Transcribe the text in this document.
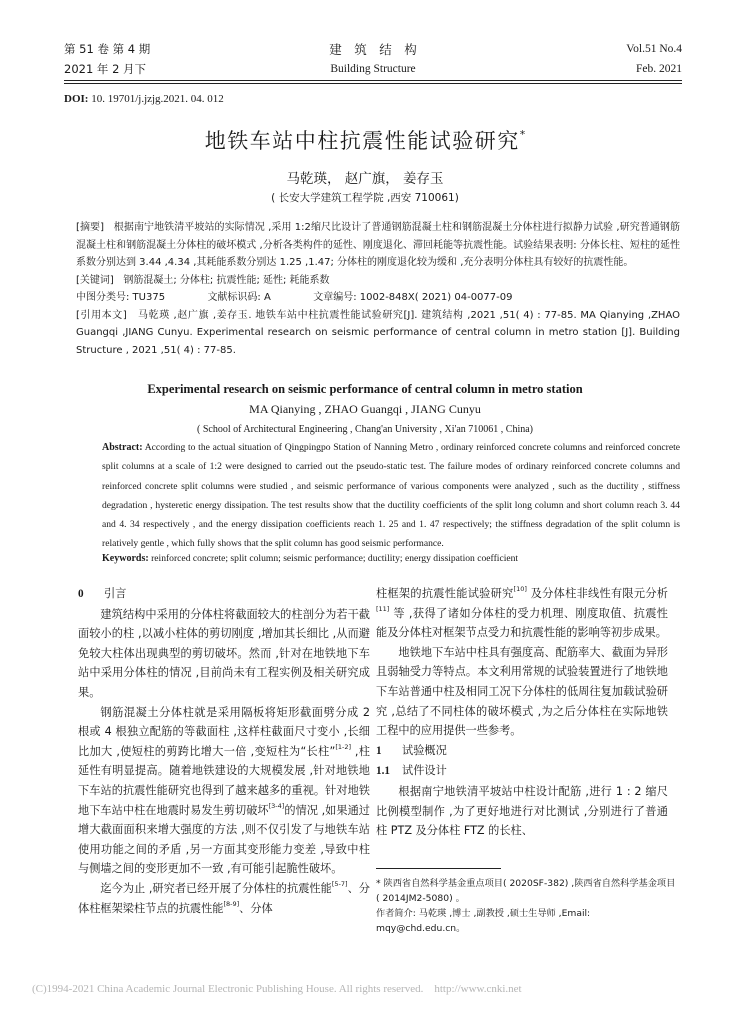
第 51 卷 第 4 期	建　筑　结　构	Vol.51 No.4
2021 年 2 月下	Building Structure	Feb. 2021
DOI: 10. 19701/j.jzjg.2021. 04. 012
地铁车站中柱抗震性能试验研究*
马乾瑛， 赵广旗， 姜存玉
( 长安大学建筑工程学院 ,西安 710061)

[摘要] 根据南宁地铁清平坡站的实际情况 ,采用 1:2缩尺比设计了普通钢筋混凝土柱和钢筋混凝土分体柱进行拟静力试验 ,研究普通钢筋混凝土柱和钢筋混凝土分体柱的破坏模式 ,分析各类构件的延性、刚度退化、滞回耗能等抗震性能。试验结果表明: 分体长柱、短柱的延性系数分别达到 3.44 ,4.34 ,其耗能系数分别达 1.25 ,1.47; 分体柱的刚度退化较为缓和 ,充分表明分体柱具有较好的抗震性能。

[关键词] 钢筋混凝土; 分体柱; 抗震性能; 延性; 耗能系数

中图分类号: TU375	文献标识码: A	文章编号: 1002-848X( 2021) 04-0077-09

[引用本文] 马乾瑛 ,赵广旗 ,姜存玉. 地铁车站中柱抗震性能试验研究[J]. 建筑结构 ,2021 ,51( 4) : 77-85. MA Qianying ,ZHAO Guangqi ,JIANG Cunyu. Experimental research on seismic performance of central column in metro station [J]. Building Structure , 2021 ,51( 4) : 77-85.

Experimental research on seismic performance of central column in metro station
MA Qianying , ZHAO Guangqi , JIANG Cunyu
( School of Architectural Engineering , Chang'an University , Xi'an 710061 , China)
Abstract: According to the actual situation of Qingpingpo Station of Nanning Metro , ordinary reinforced concrete columns and reinforced concrete split columns at a scale of 1:2 were designed to carried out the pseudo-static test. The failure modes of ordinary reinforced concrete columns and reinforced concrete split columns were studied , and seismic performance of various components were analyzed , such as the ductility , stiffness degradation , hysteretic energy dissipation. The test results show that the ductility coefficients of the split long column and short column reach 3. 44 and 4. 34 respectively , and the energy dissipation coefficients reach 1. 25 and 1. 47 respectively; the stiffness degradation of the split column is relatively gentle , which fully shows that the split column has good seismic performance.
Keywords: reinforced concrete; split column; seismic performance; ductility; energy dissipation coefficient

0 引言

建筑结构中采用的分体柱将截面较大的柱剖分为若干截面较小的柱 ,以减小柱体的剪切刚度 ,增加其长细比 ,从而避免较大柱体出现典型的剪切破坏。然而 ,针对在地铁地下车站中采用分体柱的情况 ,目前尚未有工程实例及相关研究成果。

钢筋混凝土分体柱就是采用隔板将矩形截面劈分成 2 根或 4 根独立配筋的等截面柱 ,这样柱截面尺寸变小 ,长细比加大 ,使短柱的剪跨比增大一倍 ,变短柱为“长柱”[1-2] ,柱延性有明显提高。随着地铁建设的大规模发展 ,针对地铁地下车站的抗震性能研究也得到了越来越多的重视。针对地铁地下车站中柱在地震时易发生剪切破坏[3-4]的情况 ,如果通过增大截面面积来增大强度的方法 ,则不仅引发了与地铁车站使用功能之间的矛盾 ,另一方面其变形能力变差 ,导致中柱与侧墙之间的变形更加不一致 ,有可能引起脆性破坏。

迄今为止 ,研究者已经开展了分体柱的抗震性能[5-7]、分体柱框架梁柱节点的抗震性能[8-9]、分体

柱框架的抗震性能试验研究[10] 及分体柱非线性有限元分析[11] 等 ,获得了诸如分体柱的受力机理、刚度取值、抗震性能及分体柱对框架节点受力和抗震性能的影响等初步成果。

地铁地下车站中柱具有强度高、配筋率大、截面为异形且弱轴受力等特点。本文利用常规的试验装置进行了地铁地下车站普通中柱及相同工况下分体柱的低周往复加载试验研究 ,总结了不同柱体的破坏模式 ,为之后分体柱在实际地铁工程中的应用提供一些参考。

1 试验概况

1.1 试件设计

根据南宁地铁清平坡站中柱设计配筋 ,进行 1 : 2 缩尺比例模型制作 ,为了更好地进行对比测试 ,分别进行了普通柱 PTZ 及分体柱 FTZ 的长柱、

* 陕西省自然科学基金重点项目( 2020SF-382) ,陕西省自然科学基金项目( 2014JM2-5080) 。

作者简介: 马乾瑛 ,博士 ,副教授 ,硕士生导师 ,Email: mqy@chd.edu.cn。

(C)1994-2021 China Academic Journal Electronic Publishing House. All rights reserved.    http://www.cnki.net
